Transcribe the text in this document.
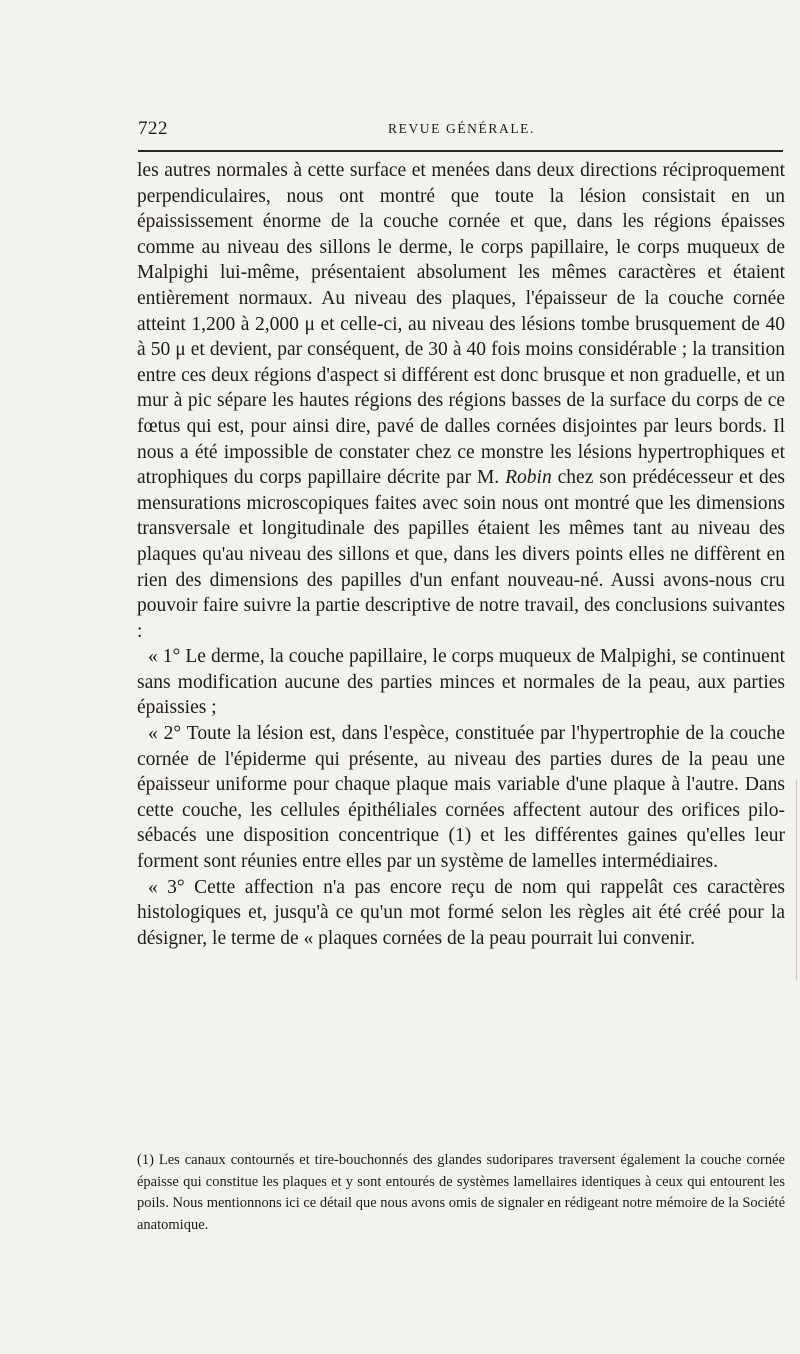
722	REVUE GÉNÉRALE.

les autres normales à cette surface et menées dans deux directions réciproquement perpendiculaires, nous ont montré que toute la lésion consistait en un épaississement énorme de la couche cornée et que, dans les régions épaisses comme au niveau des sillons le derme, le corps papillaire, le corps muqueux de Malpighi lui-même, présentaient absolument les mêmes caractères et étaient entièrement normaux. Au niveau des plaques, l'épaisseur de la couche cornée atteint 1,200 à 2,000 μ et celle-ci, au niveau des lésions tombe brusquement de 40 à 50 μ et devient, par conséquent, de 30 à 40 fois moins considérable ; la transition entre ces deux régions d'aspect si différent est donc brusque et non graduelle, et un mur à pic sépare les hautes régions des régions basses de la surface du corps de ce fœtus qui est, pour ainsi dire, pavé de dalles cornées disjointes par leurs bords. Il nous a été impossible de constater chez ce monstre les lésions hypertrophiques et atrophiques du corps papillaire décrite par M. Robin chez son prédécesseur et des mensurations microscopiques faites avec soin nous ont montré que les dimensions transversale et longitudinale des papilles étaient les mêmes tant au niveau des plaques qu'au niveau des sillons et que, dans les divers points elles ne diffèrent en rien des dimensions des papilles d'un enfant nouveau-né. Aussi avons-nous cru pouvoir faire suivre la partie descriptive de notre travail, des conclusions suivantes :

« 1° Le derme, la couche papillaire, le corps muqueux de Malpighi, se continuent sans modification aucune des parties minces et normales de la peau, aux parties épaissies ;

« 2° Toute la lésion est, dans l'espèce, constituée par l'hypertrophie de la couche cornée de l'épiderme qui présente, au niveau des parties dures de la peau une épaisseur uniforme pour chaque plaque mais variable d'une plaque à l'autre. Dans cette couche, les cellules épithéliales cornées affectent autour des orifices pilo-sébacés une disposition concentrique (1) et les différentes gaines qu'elles leur forment sont réunies entre elles par un système de lamelles intermédiaires.

« 3° Cette affection n'a pas encore reçu de nom qui rappelât ces caractères histologiques et, jusqu'à ce qu'un mot formé selon les règles ait été créé pour la désigner, le terme de « plaques cornées de la peau pourrait lui convenir.

(1) Les canaux contournés et tire-bouchonnés des glandes sudoripares traversent également la couche cornée épaisse qui constitue les plaques et y sont entourés de systèmes lamellaires identiques à ceux qui entourent les poils. Nous mentionnons ici ce détail que nous avons omis de signaler en rédigeant notre mémoire de la Société anatomique.
